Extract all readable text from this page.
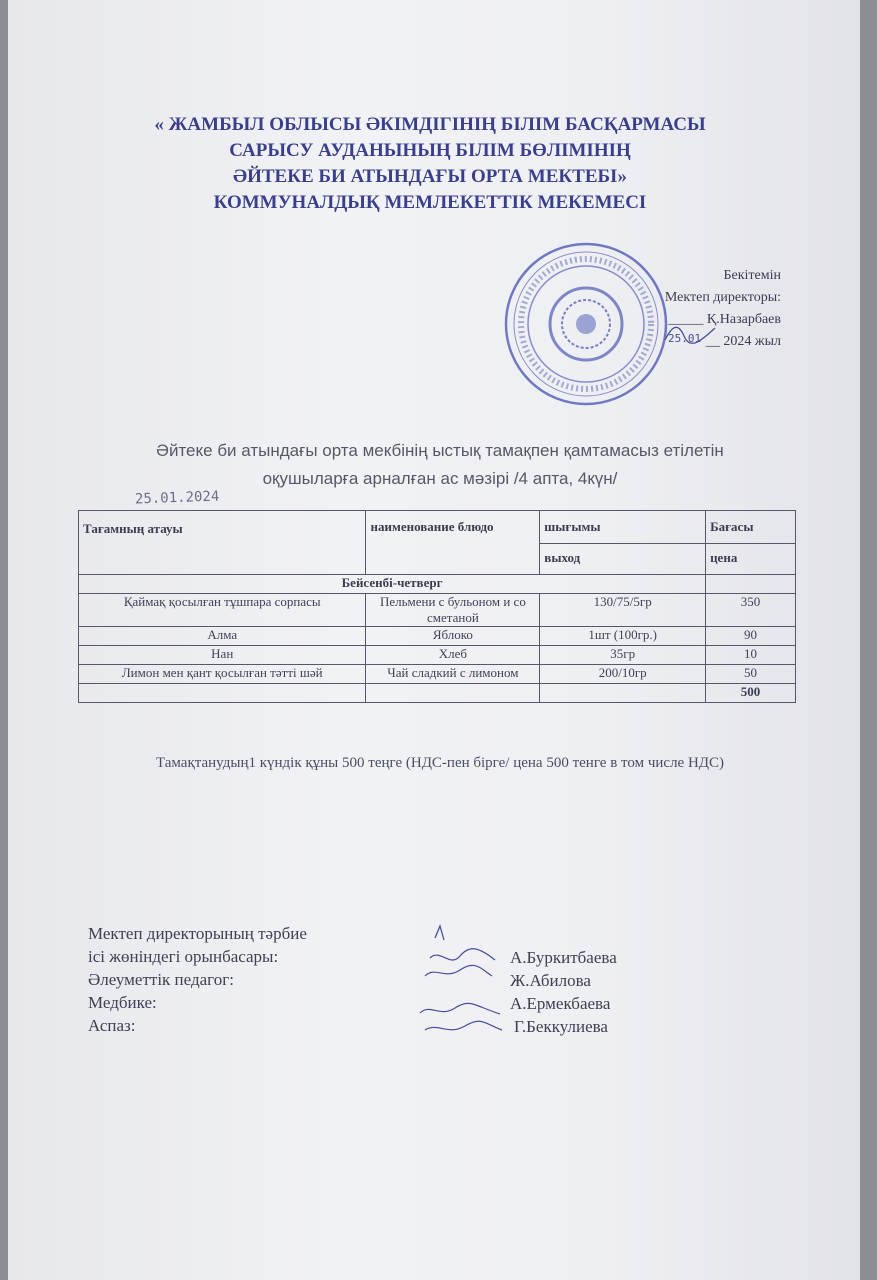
« ЖАМБЫЛ ОБЛЫСЫ ӘКІМДІГІНІҢ БІЛІМ БАСҚАРМАСЫ
САРЫСУ АУДАНЫНЫҢ БІЛІМ БӨЛІМІНІҢ
ӘЙТЕКЕ БИ АТЫНДАҒЫ ОРТА МЕКТЕБІ»
КОММУНАЛДЫҚ МЕМЛЕКЕТТІК МЕКЕМЕСІ
Бекітемін
Мектеп директоры:
_____ Қ.Назарбаев
__ 2024 жыл
25.01
Әйтеке би атындағы орта мекбінің ыстық тамақпен қамтамасыз етілетін
оқушыларға арналған ас мәзірі /4 апта, 4күн/
25.01.2024
Тағамның атауы	наименование блюдо	шығымы	Бағасы
		выход	цена
Бейсенбі-четверг			
Қаймақ қосылған тұшпара сорпасы	Пельмени с бульоном и со сметаной	130/75/5гр	350
Алма	Яблоко	1шт (100гр.)	90
Нан	Хлеб	35гр	10
Лимон мен қант қосылған тәтті шәй	Чай сладкий с лимоном	200/10гр	50
			500
Тамақтанудың1 күндік құны 500 теңге (НДС-пен бірге/ цена 500 тенге в том числе НДС)
Мектеп директорының тәрбие
ісі жөніндегі орынбасары:
Әлеуметтік педагог:
Медбике:
Аспаз:
А.Буркитбаева
Ж.Абилова
А.Ермекбаева
Г.Беккулиева
